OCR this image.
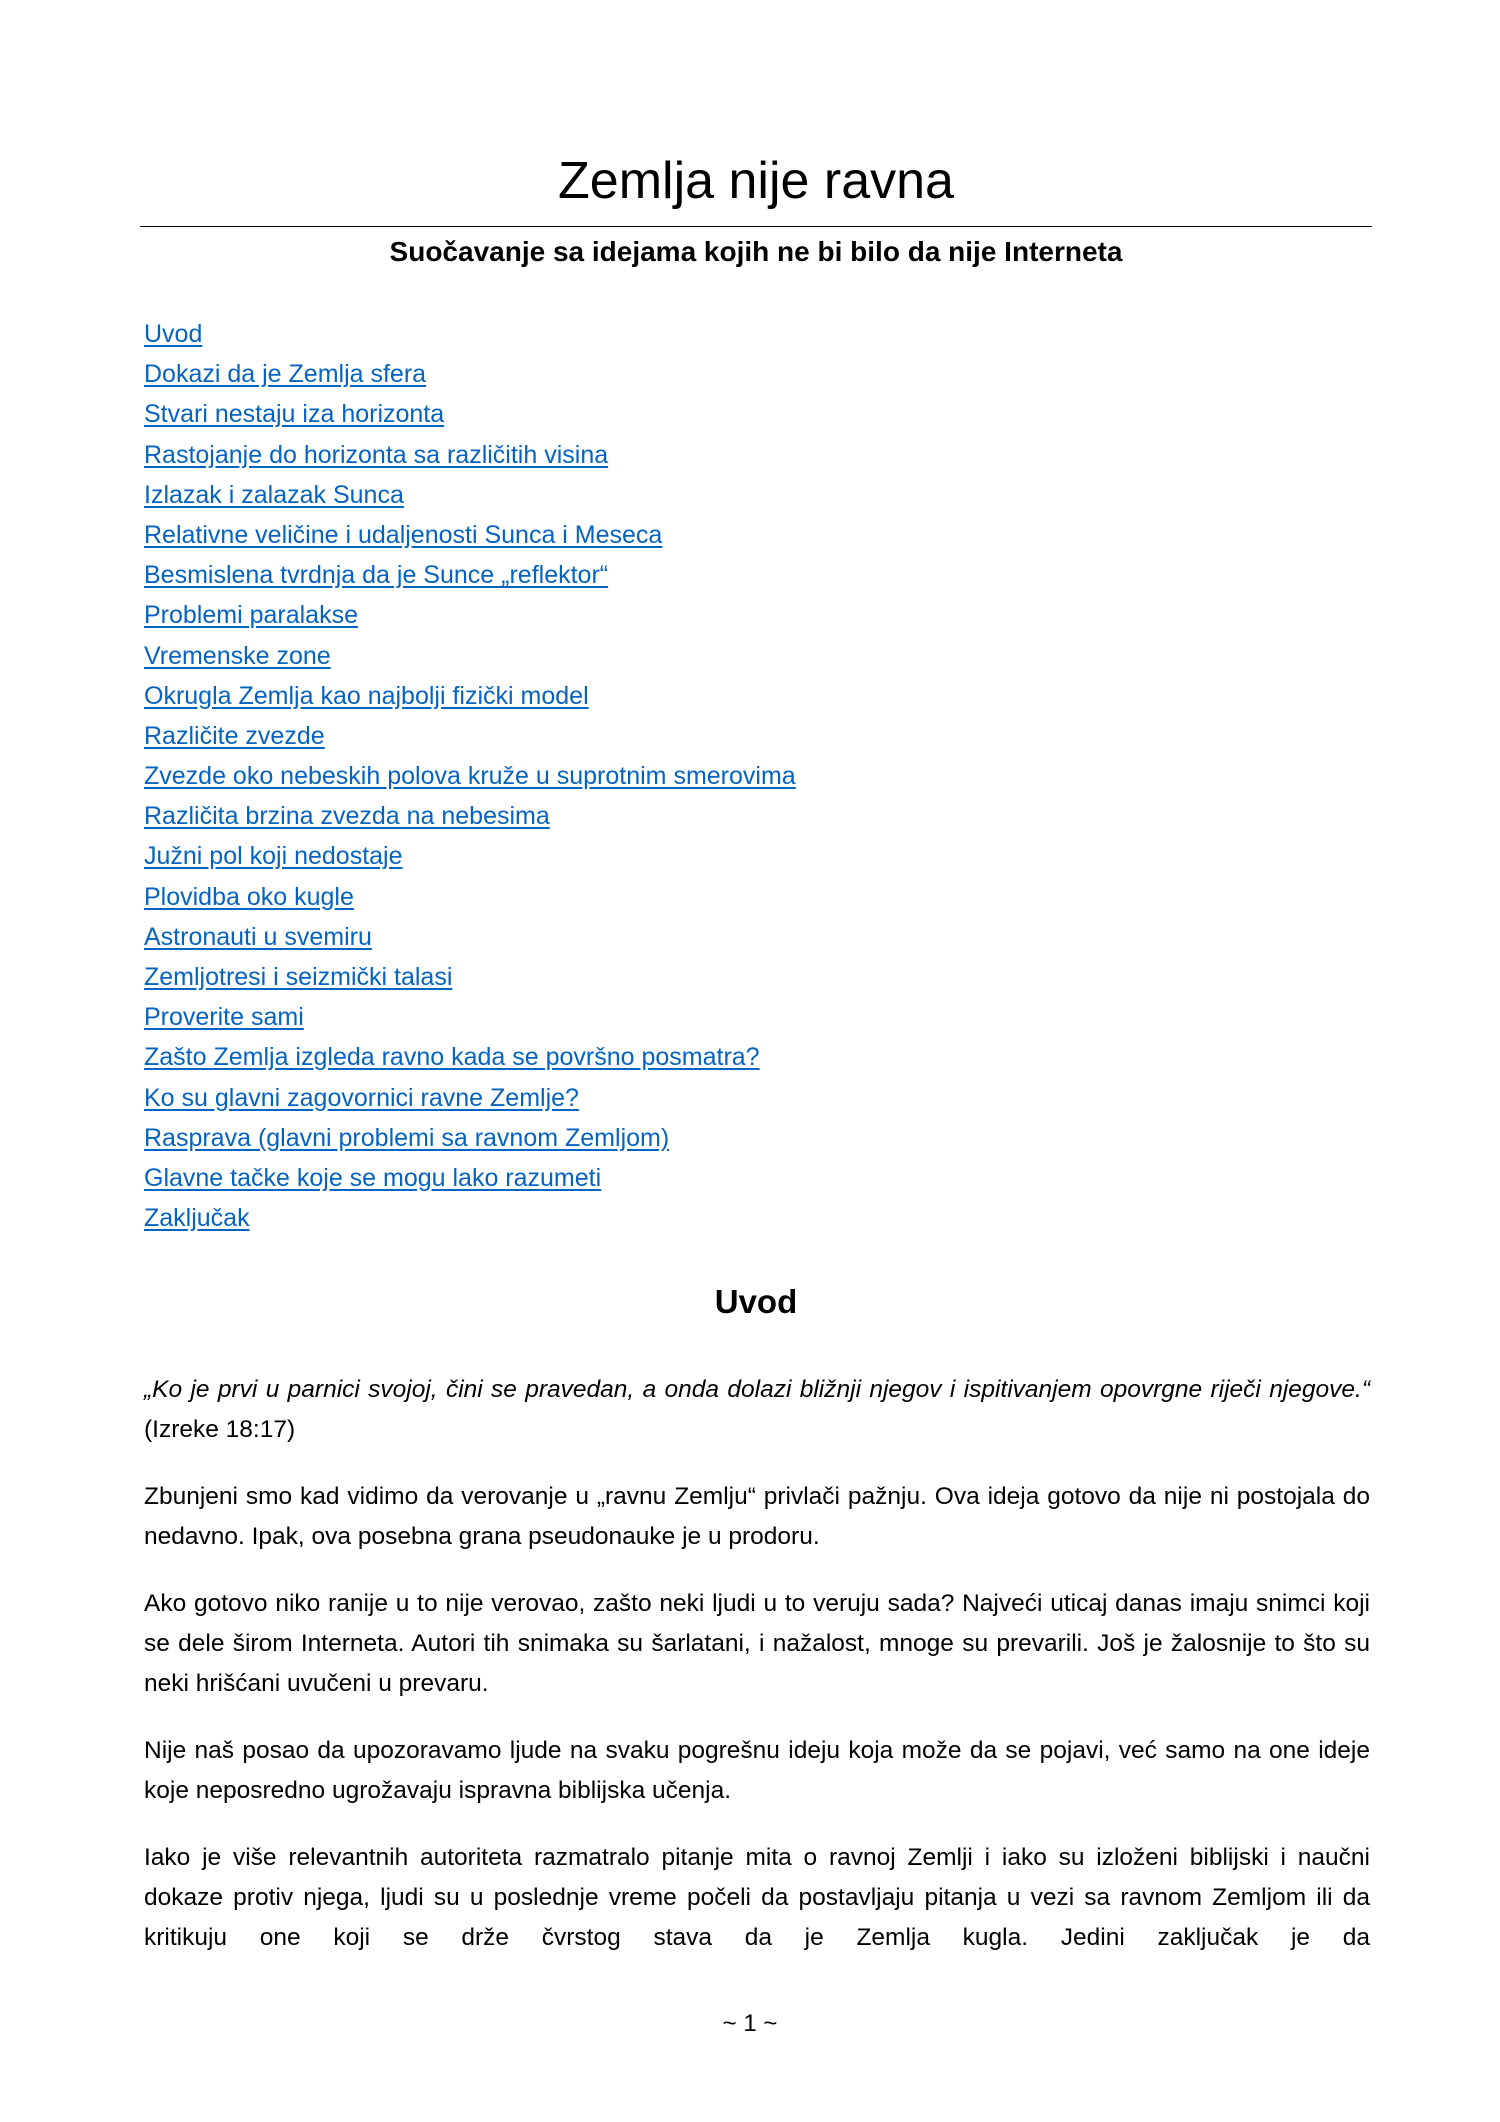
Zemlja nije ravna
Suočavanje sa idejama kojih ne bi bilo da nije Interneta
Uvod
Dokazi da je Zemlja sfera
Stvari nestaju iza horizonta
Rastojanje do horizonta sa različitih visina
Izlazak i zalazak Sunca
Relativne veličine i udaljenosti Sunca i Meseca
Besmislena tvrdnja da je Sunce „reflektor“
Problemi paralakse
Vremenske zone
Okrugla Zemlja kao najbolji fizički model
Različite zvezde
Zvezde oko nebeskih polova kruže u suprotnim smerovima
Različita brzina zvezda na nebesima
Južni pol koji nedostaje
Plovidba oko kugle
Astronauti u svemiru
Zemljotresi i seizmički talasi
Proverite sami
Zašto Zemlja izgleda ravno kada se površno posmatra?
Ko su glavni zagovornici ravne Zemlje?
Rasprava (glavni problemi sa ravnom Zemljom)
Glavne tačke koje se mogu lako razumeti
Zaključak
Uvod

„Ko je prvi u parnici svojoj, čini se pravedan, a onda dolazi bližnji njegov i ispitivanjem opovrgne riječi njegove.“ (Izreke 18:17)

Zbunjeni smo kad vidimo da verovanje u „ravnu Zemlju“ privlači pažnju. Ova ideja gotovo da nije ni postojala do nedavno. Ipak, ova posebna grana pseudonauke je u prodoru.

Ako gotovo niko ranije u to nije verovao, zašto neki ljudi u to veruju sada? Najveći uticaj danas imaju snimci koji se dele širom Interneta. Autori tih snimaka su šarlatani, i nažalost, mnoge su prevarili. Još je žalosnije to što su neki hrišćani uvučeni u prevaru.

Nije naš posao da upozoravamo ljude na svaku pogrešnu ideju koja može da se pojavi, već samo na one ideje koje neposredno ugrožavaju ispravna biblijska učenja.

Iako je više relevantnih autoriteta razmatralo pitanje mita o ravnoj Zemlji i iako su izloženi biblijski i naučni dokaze protiv njega, ljudi su u poslednje vreme počeli da postavljaju pitanja u vezi sa ravnom Zemljom ili da kritikuju one koji se drže čvrstog stava da je Zemlja kugla. Jedini zaključak je da

~ 1 ~
